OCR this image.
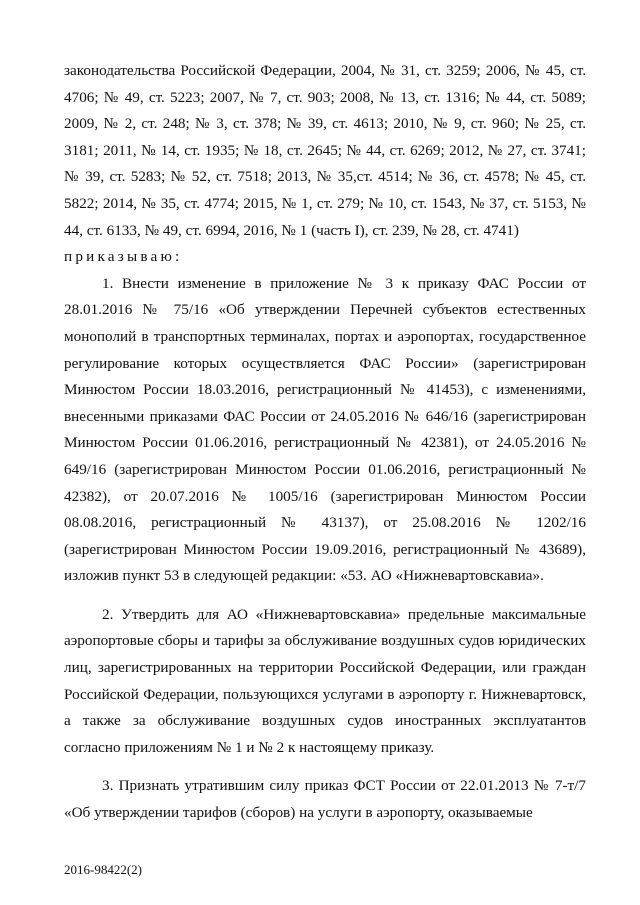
законодательства Российской Федерации, 2004, № 31, ст. 3259; 2006, № 45, ст. 4706; № 49, ст. 5223; 2007, № 7, ст. 903; 2008, № 13, ст. 1316; № 44, ст. 5089; 2009, № 2, ст. 248; № 3, ст. 378; № 39, ст. 4613; 2010, № 9, ст. 960; № 25, ст. 3181; 2011, № 14, ст. 1935; № 18, ст. 2645; № 44, ст. 6269; 2012, № 27, ст. 3741; № 39, ст. 5283; № 52, ст. 7518; 2013, № 35,ст. 4514; № 36, ст. 4578; № 45, ст. 5822; 2014, № 35, ст. 4774; 2015, № 1, ст. 279; № 10, ст. 1543, № 37, ст. 5153, № 44, ст. 6133, № 49, ст. 6994, 2016, № 1 (часть I), ст. 239, № 28, ст. 4741)

приказываю:

1. Внести изменение в приложение № 3 к приказу ФАС России от 28.01.2016 № 75/16 «Об утверждении Перечней субъектов естественных монополий в транспортных терминалах, портах и аэропортах, государственное регулирование которых осуществляется ФАС России» (зарегистрирован Минюстом России 18.03.2016, регистрационный № 41453), с изменениями, внесенными приказами ФАС России от 24.05.2016 № 646/16 (зарегистрирован Минюстом России 01.06.2016, регистрационный № 42381), от 24.05.2016 № 649/16 (зарегистрирован Минюстом России 01.06.2016, регистрационный № 42382), от 20.07.2016 № 1005/16 (зарегистрирован Минюстом России 08.08.2016, регистрационный № 43137), от 25.08.2016 № 1202/16 (зарегистрирован Минюстом России 19.09.2016, регистрационный № 43689), изложив пункт 53 в следующей редакции: «53. АО «Нижневартовскавиа».

2. Утвердить для АО «Нижневартовскавиа» предельные максимальные аэропортовые сборы и тарифы за обслуживание воздушных судов юридических лиц, зарегистрированных на территории Российской Федерации, или граждан Российской Федерации, пользующихся услугами в аэропорту г. Нижневартовск, а также за обслуживание воздушных судов иностранных эксплуатантов согласно приложениям № 1 и № 2 к настоящему приказу.

3. Признать утратившим силу приказ ФСТ России от 22.01.2013 № 7-т/7 «Об утверждении тарифов (сборов) на услуги в аэропорту, оказываемые

2016-98422(2)
